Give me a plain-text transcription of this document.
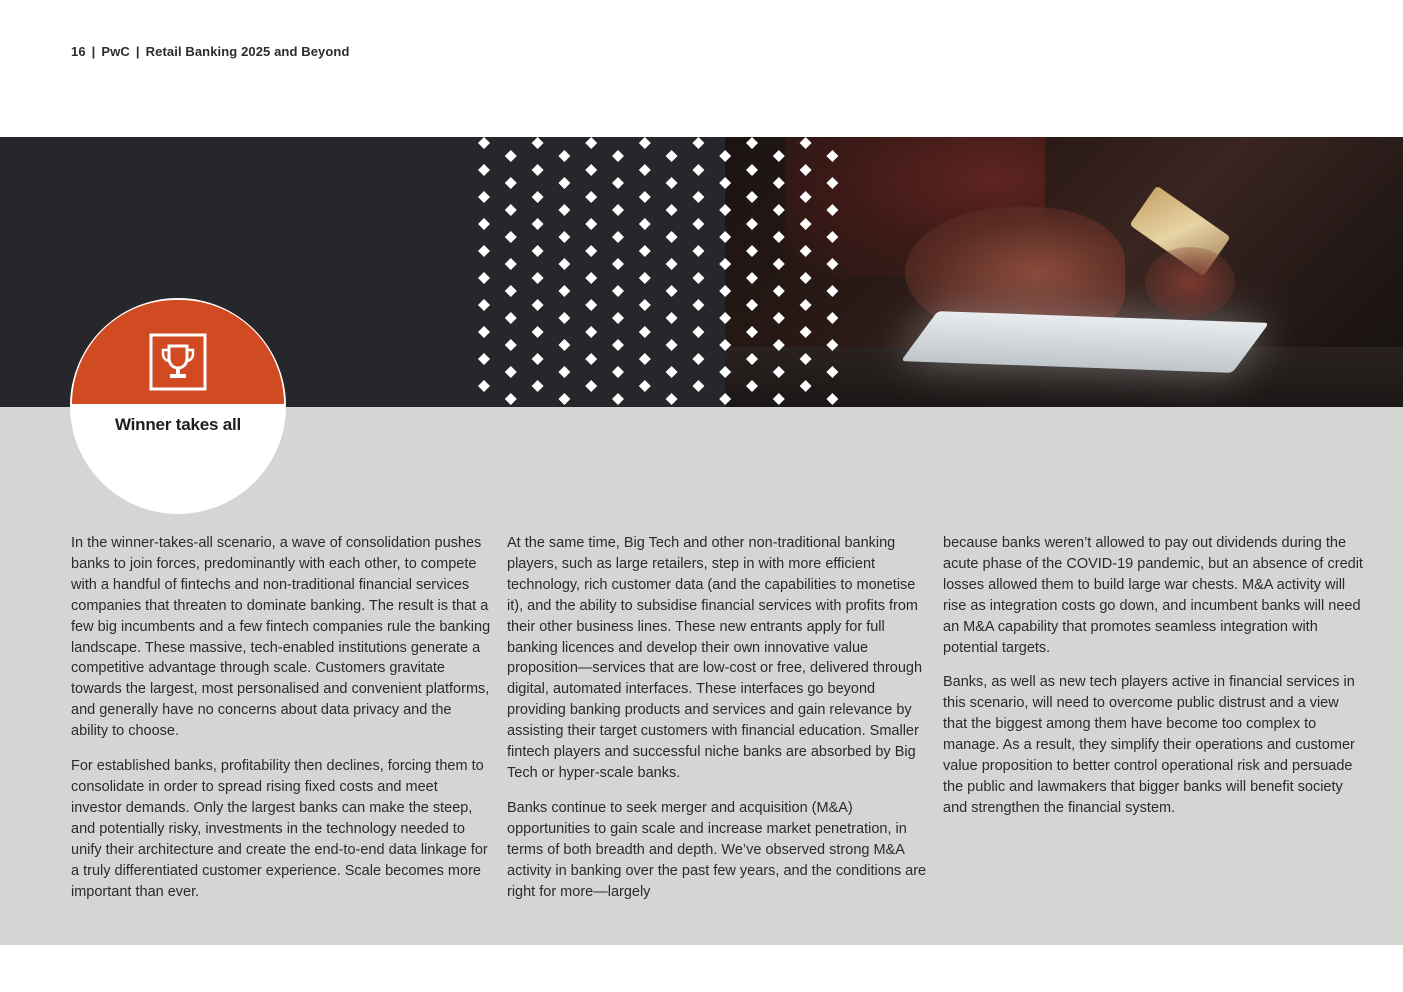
16 | PwC | Retail Banking 2025 and Beyond
Winner takes all

In the winner-takes-all scenario, a wave of consolidation pushes banks to join forces, predominantly with each other, to compete with a handful of fintechs and non-traditional financial services companies that threaten to dominate banking. The result is that a few big incumbents and a few fintech companies rule the banking landscape. These massive, tech-enabled institutions generate a competitive advantage through scale. Customers gravitate towards the largest, most personalised and convenient platforms, and generally have no concerns about data privacy and the ability to choose.

For established banks, profitability then declines, forcing them to consolidate in order to spread rising fixed costs and meet investor demands. Only the largest banks can make the steep, and potentially risky, investments in the technology needed to unify their architecture and create the end-to-end data linkage for a truly differentiated customer experience. Scale becomes more important than ever.

At the same time, Big Tech and other non-traditional banking players, such as large retailers, step in with more efficient technology, rich customer data (and the capabilities to monetise it), and the ability to subsidise financial services with profits from their other business lines. These new entrants apply for full banking licences and develop their own innovative value proposition—services that are low-cost or free, delivered through digital, automated interfaces. These interfaces go beyond providing banking products and services and gain relevance by assisting their target customers with financial education. Smaller fintech players and successful niche banks are absorbed by Big Tech or hyper-scale banks.

Banks continue to seek merger and acquisition (M&A) opportunities to gain scale and increase market penetration, in terms of both breadth and depth. We’ve observed strong M&A activity in banking over the past few years, and the conditions are right for more—largely

because banks weren’t allowed to pay out dividends during the acute phase of the COVID-19 pandemic, but an absence of credit losses allowed them to build large war chests. M&A activity will rise as integration costs go down, and incumbent banks will need an M&A capability that promotes seamless integration with potential targets.

Banks, as well as new tech players active in financial services in this scenario, will need to overcome public distrust and a view that the biggest among them have become too complex to manage. As a result, they simplify their operations and customer value proposition to better control operational risk and persuade the public and lawmakers that bigger banks will benefit society and strengthen the financial system.
